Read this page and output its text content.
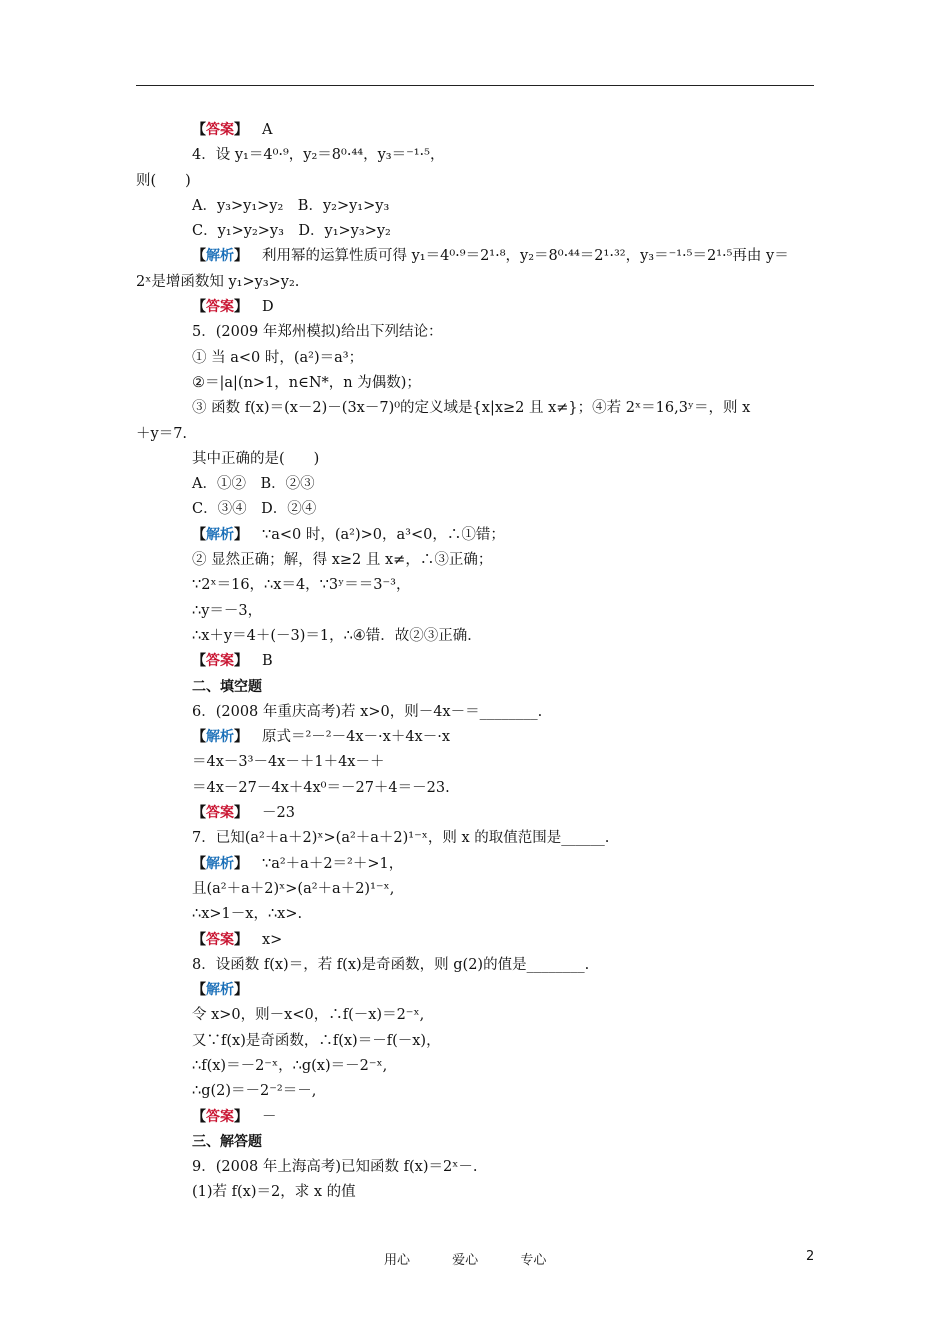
【答案】 A
4．设 y₁＝4⁰·⁹，y₂＝8⁰·⁴⁴，y₃＝⁻¹·⁵，
则(　　)
A．y₃>y₁>y₂　B．y₂>y₁>y₃
C．y₁>y₂>y₃　D．y₁>y₃>y₂
【解析】 利用幂的运算性质可得 y₁＝4⁰·⁹＝2¹·⁸，y₂＝8⁰·⁴⁴＝2¹·³²，y₃＝⁻¹·⁵＝2¹·⁵再由 y＝
2ˣ是增函数知 y₁>y₃>y₂.
【答案】 D
5．(2009 年郑州模拟)给出下列结论：
① 当 a<0 时，(a²)＝a³；
②＝|a|(n>1，n∈N*，n 为偶数)；
③ 函数 f(x)＝(x－2)－(3x－7)⁰的定义域是{x|x≥2 且 x≠}；④若 2ˣ＝16,3ʸ＝，则 x
＋y＝7.
其中正确的是(　　)
A．①②　B．②③
C．③④　D．②④
【解析】 ∵a<0 时，(a²)>0，a³<0，∴①错；
② 显然正确；解，得 x≥2 且 x≠，∴③正确；
∵2ˣ＝16，∴x＝4，∵3ʸ＝＝3⁻³，
∴y＝－3，
∴x＋y＝4＋(－3)＝1，∴④错．故②③正确．
【答案】 B
二、填空题
6．(2008 年重庆高考)若 x>0，则－4x－＝________.
【解析】 原式＝²－²－4x－·x＋4x－·x
＝4x－3³－4x－＋1＋4x－＋
＝4x－27－4x＋4x⁰＝－27＋4＝－23.
【答案】 －23
7．已知(a²＋a＋2)ˣ>(a²＋a＋2)¹⁻ˣ，则 x 的取值范围是______.
【解析】 ∵a²＋a＋2＝²＋>1，
且(a²＋a＋2)ˣ>(a²＋a＋2)¹⁻ˣ,
∴x>1－x，∴x>.
【答案】 x>
8．设函数 f(x)＝，若 f(x)是奇函数，则 g(2)的值是________.
【解析】
令 x>0，则－x<0，∴f(－x)＝2⁻ˣ,
又∵f(x)是奇函数，∴f(x)＝－f(－x)，
∴f(x)＝－2⁻ˣ，∴g(x)＝－2⁻ˣ,
∴g(2)＝－2⁻²＝－,
【答案】 －
三、解答题
9．(2008 年上海高考)已知函数 f(x)＝2ˣ－.
(1)若 f(x)＝2，求 x 的值
用心	爱心	专心	2
